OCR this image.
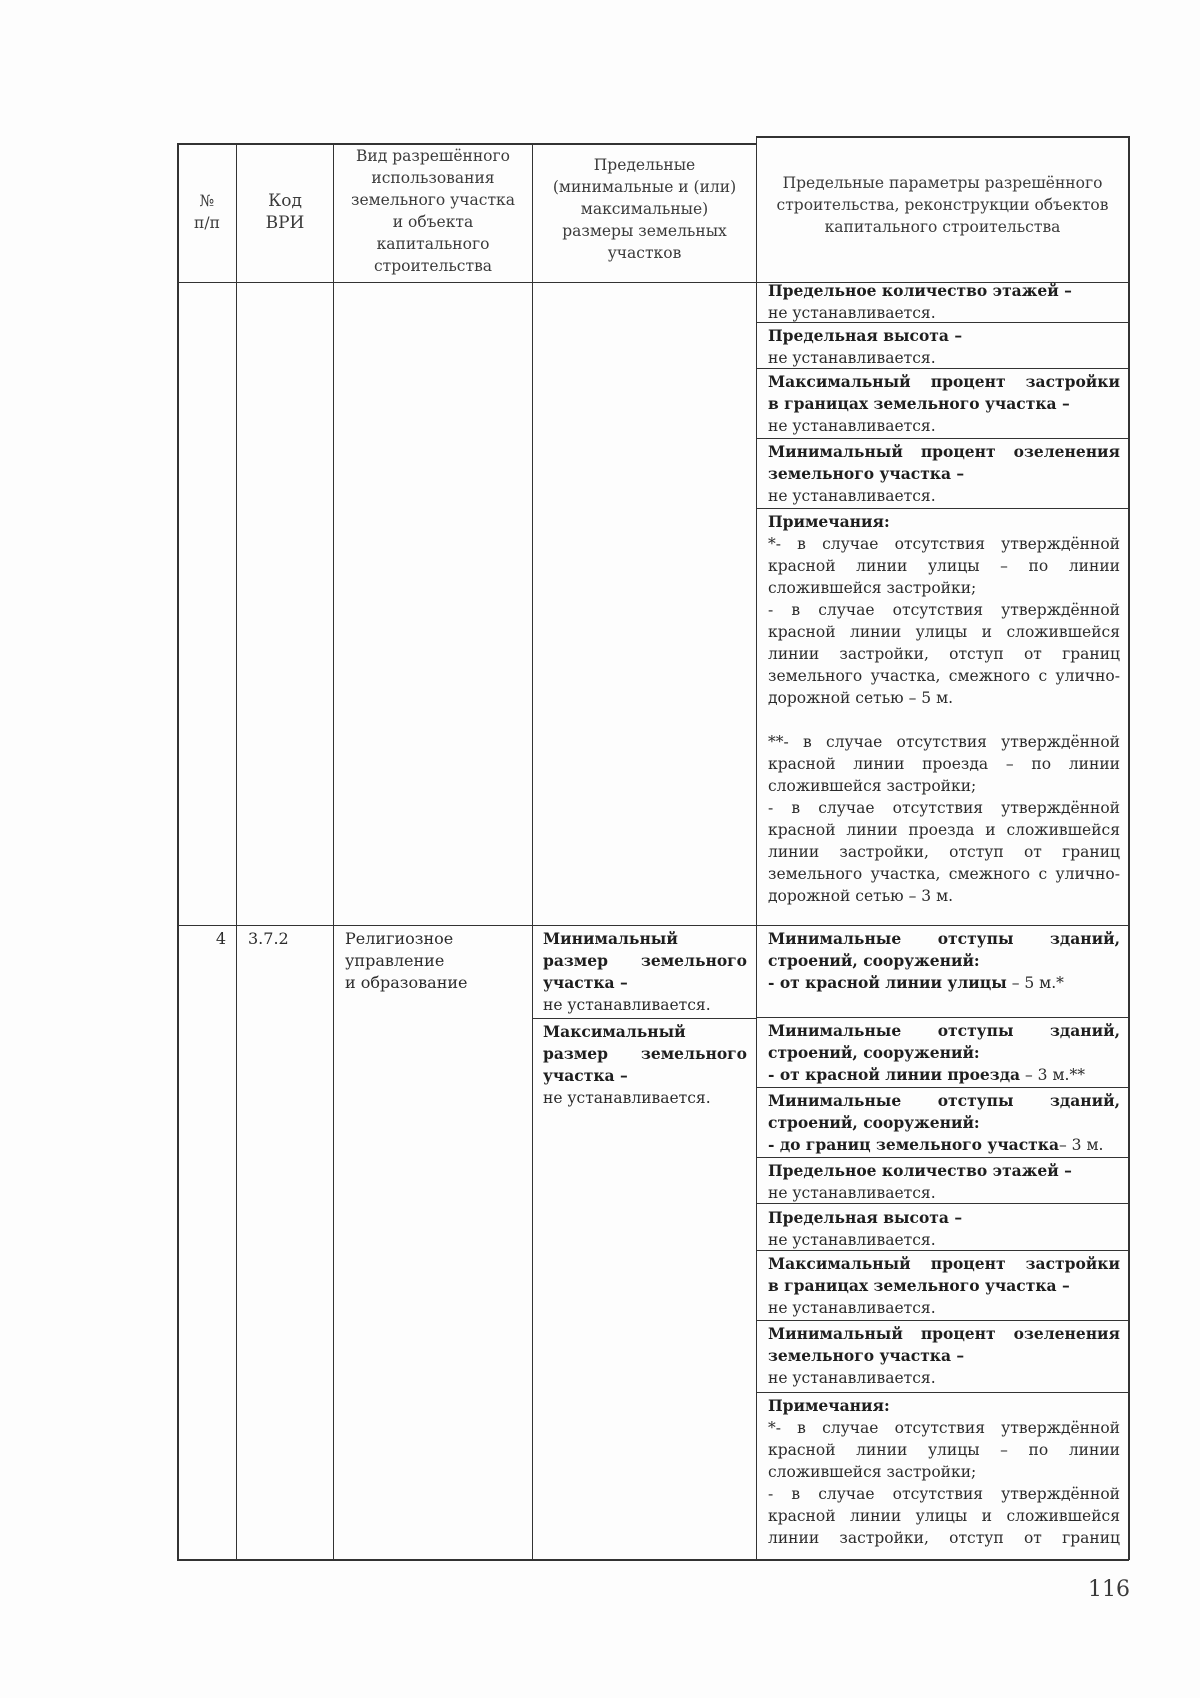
№
п/п
Код
ВРИ
Вид разрешённого
использования
земельного участка
и объекта
капитального
строительства
Предельные
(минимальные и (или)
максимальные)
размеры земельных
участков
Предельные параметры разрешённого
строительства, реконструкции объектов
капитального строительства
Предельное количество этажей –
не устанавливается.
Предельная высота –
не устанавливается.
Максимальный процент застройки
в границах земельного участка –
не устанавливается.
Минимальный процент озеленения
земельного участка –
не устанавливается.
Примечания:
*- в случае отсутствия утверждённой
красной линии улицы – по линии
сложившейся застройки;
- в случае отсутствия утверждённой
красной линии улицы и сложившейся
линии застройки, отступ от границ
земельного участка, смежного с улично-
дорожной сетью – 5 м.
**- в случае отсутствия утверждённой
красной линии проезда – по линии
сложившейся застройки;
- в случае отсутствия утверждённой
красной линии проезда и сложившейся
линии застройки, отступ от границ
земельного участка, смежного с улично-
дорожной сетью – 3 м.
4 3.7.2	Религиозное
управление
и образование
Минимальный
размер земельного
участка –
не устанавливается.
Максимальный
размер земельного
участка –
не устанавливается.
Минимальные отступы зданий,
строений, сооружений:
- от красной линии улицы – 5 м.*
Минимальные отступы зданий,
строений, сооружений:
- от красной линии проезда – 3 м.**
Минимальные отступы зданий,
строений, сооружений:
- до границ земельного участка– 3 м.
Предельное количество этажей –
не устанавливается.
Предельная высота –
не устанавливается.
Максимальный процент застройки
в границах земельного участка –
не устанавливается.
Минимальный процент озеленения
земельного участка –
не устанавливается.
Примечания:
*- в случае отсутствия утверждённой
красной линии улицы – по линии
сложившейся застройки;
- в случае отсутствия утверждённой
красной линии улицы и сложившейся
линии застройки, отступ от границ
116
